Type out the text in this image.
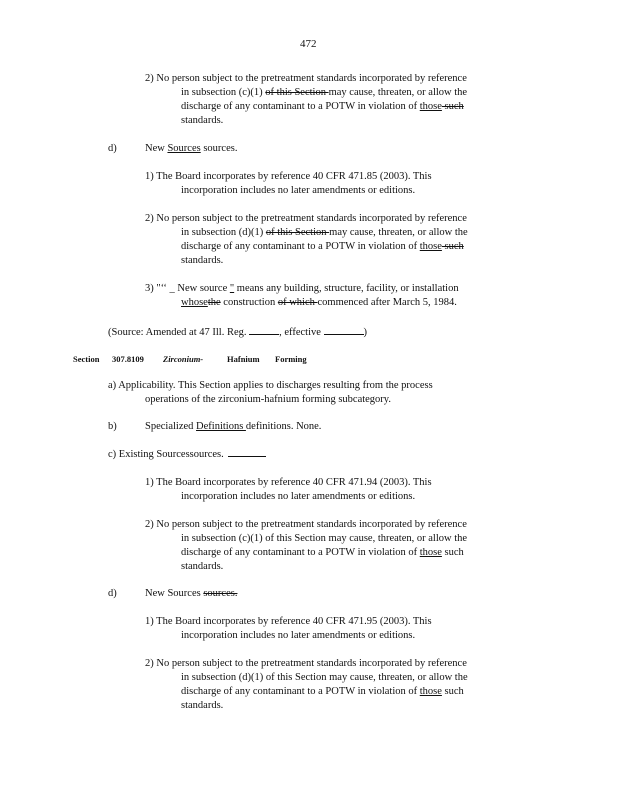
472
2) No person subject to the pretreatment standards incorporated by reference
in subsection (c)(1) of this Section may cause, threaten, or allow the
discharge of any contaminant to a POTW in violation of those such
standards.
d)	New Sources sources.
1) The Board incorporates by reference 40 CFR 471.85 (2003). This
incorporation includes no later amendments or editions.
2) No person subject to the pretreatment standards incorporated by reference
in subsection (d)(1) of this Section may cause, threaten, or allow the
discharge of any contaminant to a POTW in violation of those such
standards.
3) "‘‘ _ New source " means any building, structure, facility, or installation
whosethe construction of which commenced after March 5, 1984.
(Source: Amended at 47 Ill. Reg.	, effective	)
Section 307.8109 Zirconium-	Hafnium Forming
a) Applicability. This Section applies to discharges resulting from the process
operations of the zirconium-hafnium forming subcategory.
b)	Specialized Definitions definitions. None.
c) Existing Sourcessources.
1) The Board incorporates by reference 40 CFR 471.94 (2003). This
incorporation includes no later amendments or editions.
2) No person subject to the pretreatment standards incorporated by reference
in subsection (c)(1) of this Section may cause, threaten, or allow the
discharge of any contaminant to a POTW in violation of those such
standards.
d)	New Sources sources.
1) The Board incorporates by reference 40 CFR 471.95 (2003). This
incorporation includes no later amendments or editions.
2) No person subject to the pretreatment standards incorporated by reference
in subsection (d)(1) of this Section may cause, threaten, or allow the
discharge of any contaminant to a POTW in violation of those such
standards.
